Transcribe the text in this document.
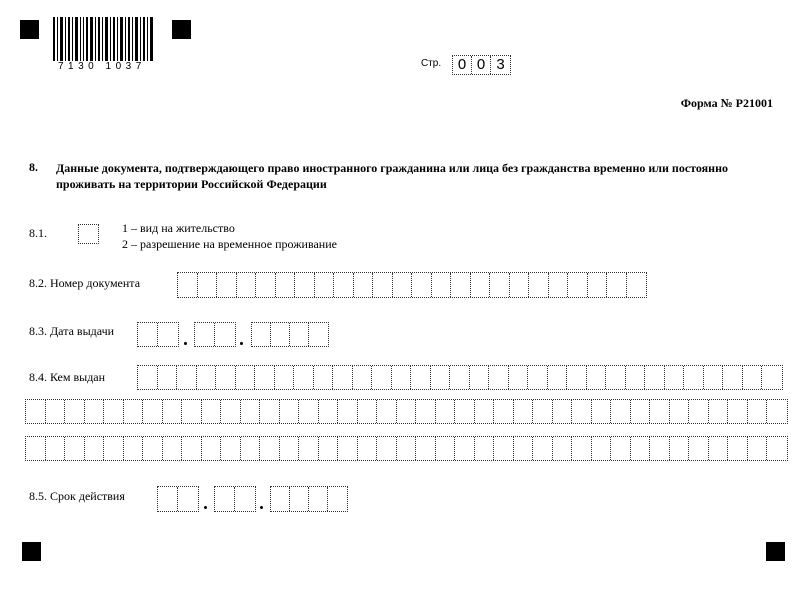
7130 1037	Стр.	0 0 3
Форма № Р21001
8. Данные документа, подтверждающего право иностранного гражданина или лица без гражданства временно или постоянно проживать на территории Российской Федерации
8.1.	1 – вид на жительство
2 – разрешение на временное проживание
8.2. Номер документа
8.3. Дата выдачи
8.4. Кем выдан
8.5. Срок действия
